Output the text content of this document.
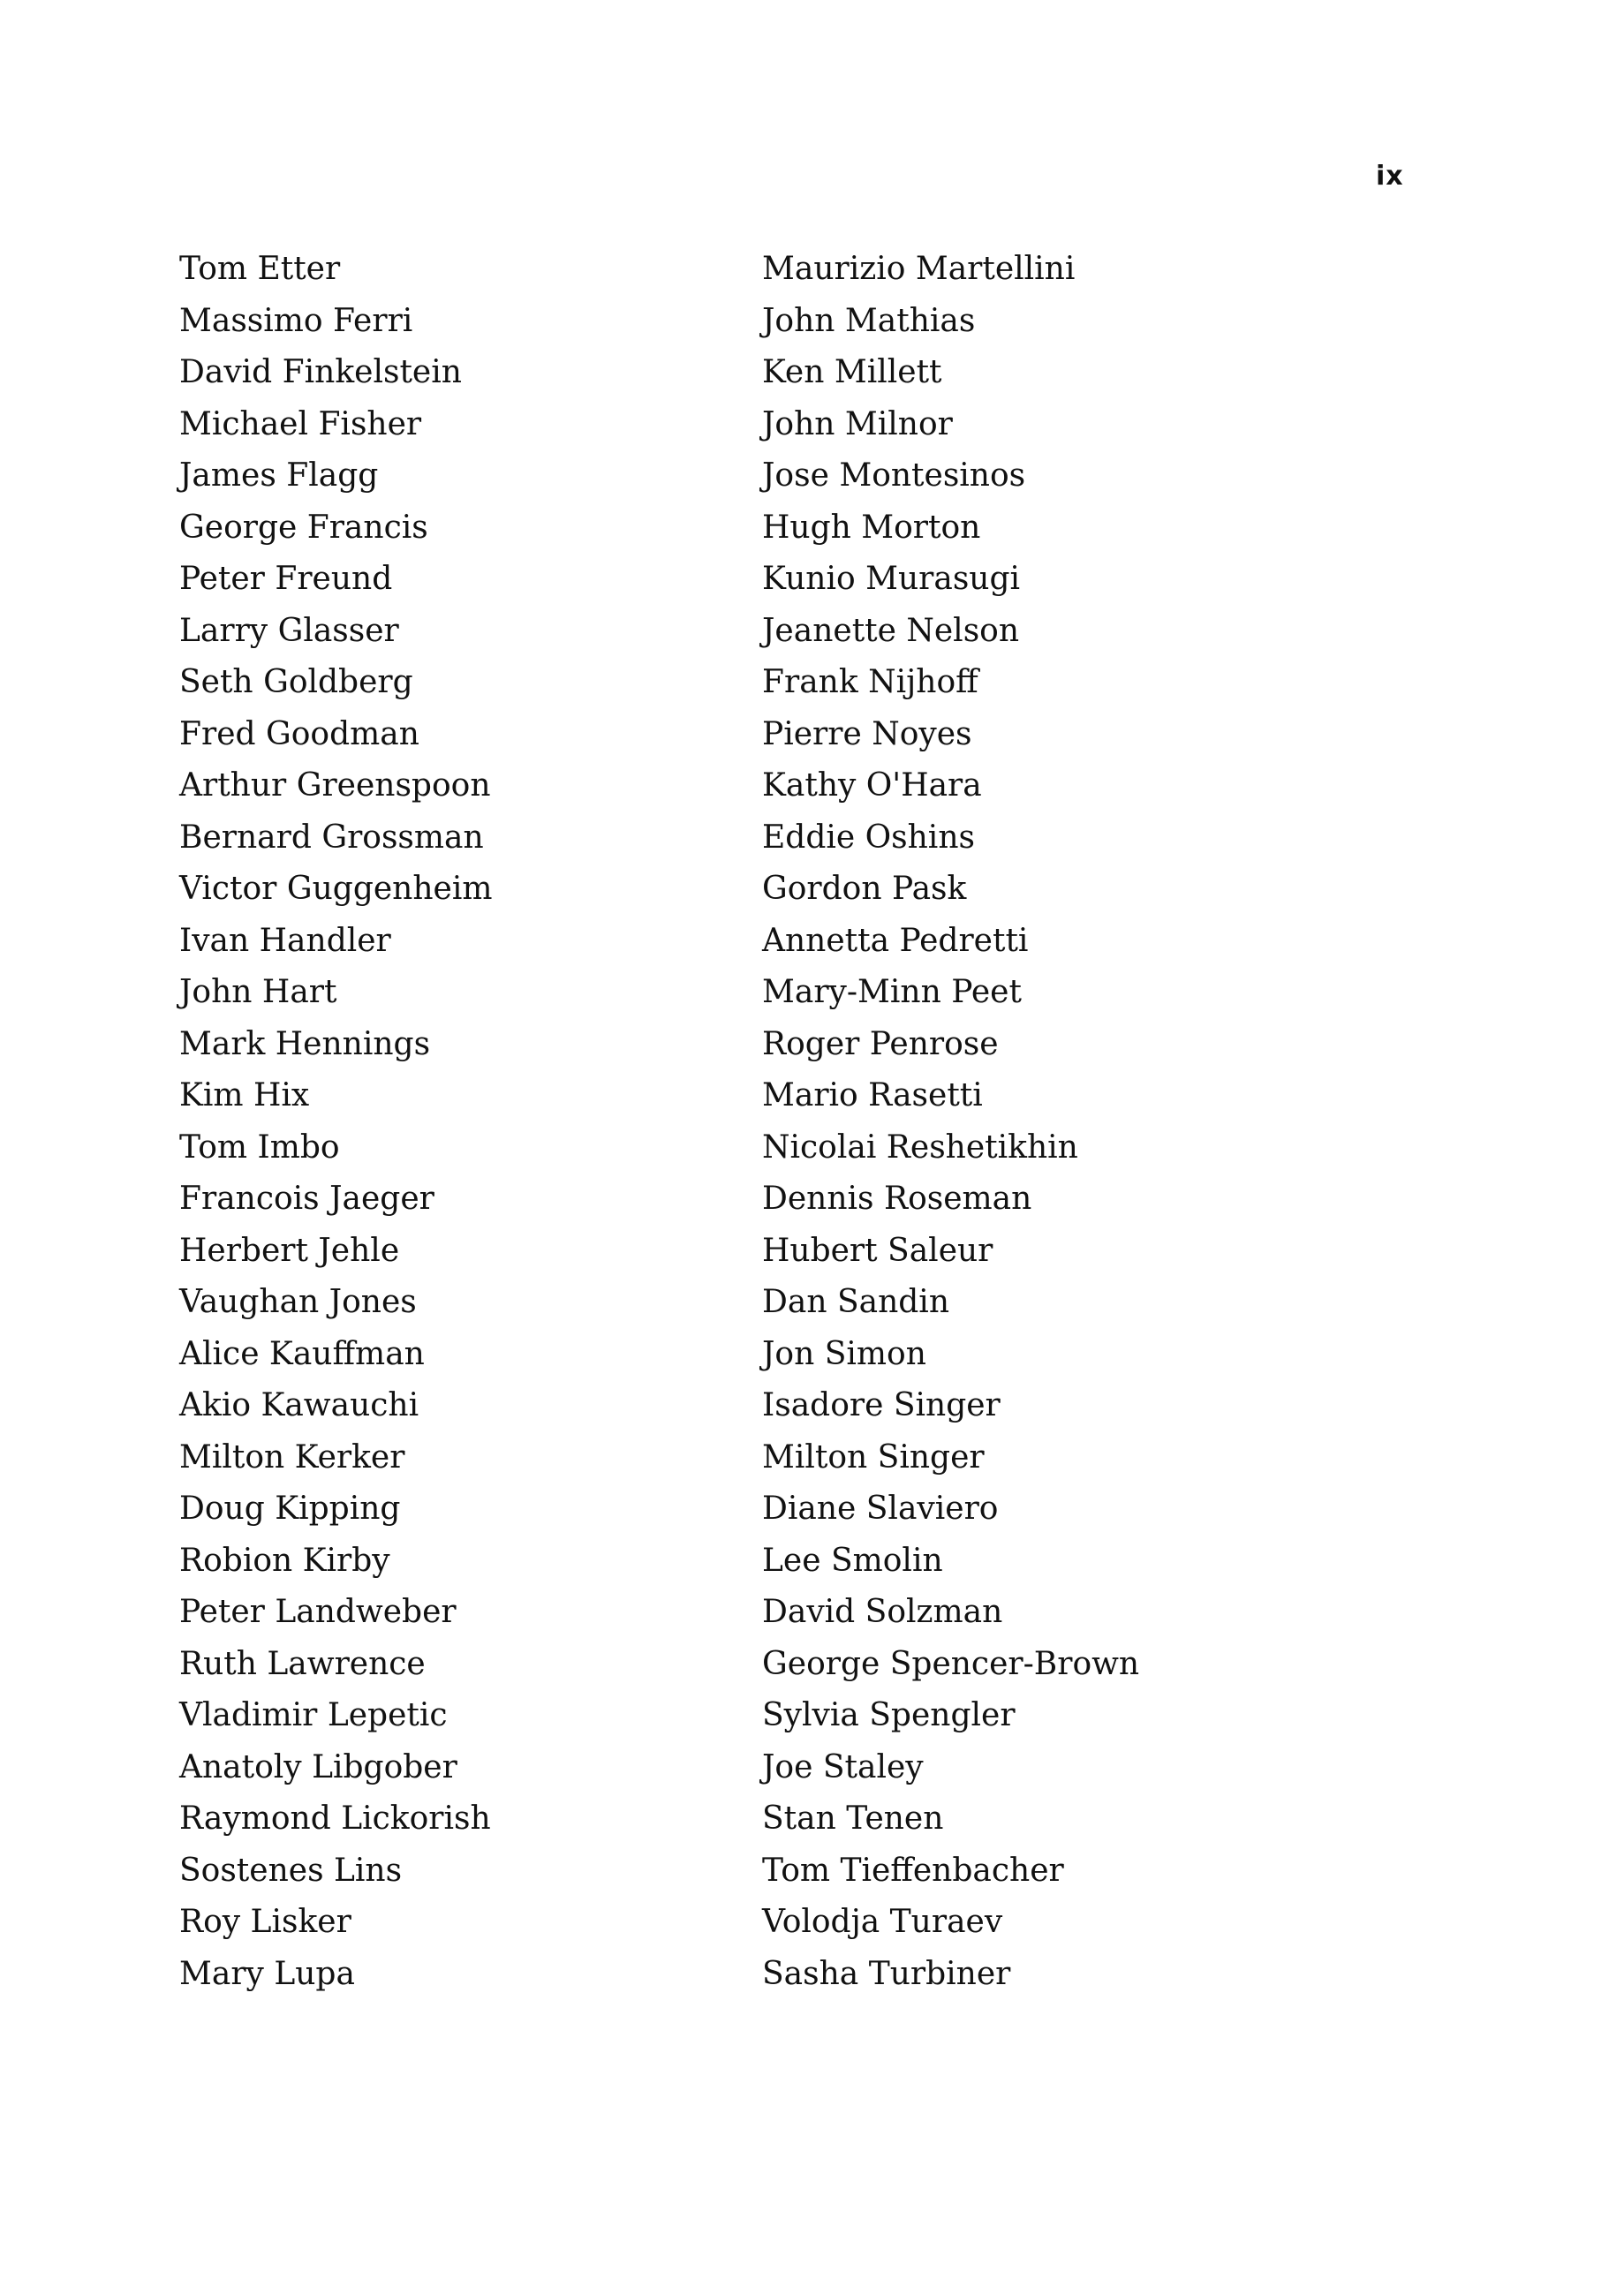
ix
Tom Etter
Massimo Ferri
David Finkelstein
Michael Fisher
James Flagg
George Francis
Peter Freund
Larry Glasser
Seth Goldberg
Fred Goodman
Arthur Greenspoon
Bernard Grossman
Victor Guggenheim
Ivan Handler
John Hart
Mark Hennings
Kim Hix
Tom Imbo
Francois Jaeger
Herbert Jehle
Vaughan Jones
Alice Kauffman
Akio Kawauchi
Milton Kerker
Doug Kipping
Robion Kirby
Peter Landweber
Ruth Lawrence
Vladimir Lepetic
Anatoly Libgober
Raymond Lickorish
Sostenes Lins
Roy Lisker
Mary Lupa
Maurizio Martellini
John Mathias
Ken Millett
John Milnor
Jose Montesinos
Hugh Morton
Kunio Murasugi
Jeanette Nelson
Frank Nijhoff
Pierre Noyes
Kathy O'Hara
Eddie Oshins
Gordon Pask
Annetta Pedretti
Mary-Minn Peet
Roger Penrose
Mario Rasetti
Nicolai Reshetikhin
Dennis Roseman
Hubert Saleur
Dan Sandin
Jon Simon
Isadore Singer
Milton Singer
Diane Slaviero
Lee Smolin
David Solzman
George Spencer-Brown
Sylvia Spengler
Joe Staley
Stan Tenen
Tom Tieffenbacher
Volodja Turaev
Sasha Turbiner
